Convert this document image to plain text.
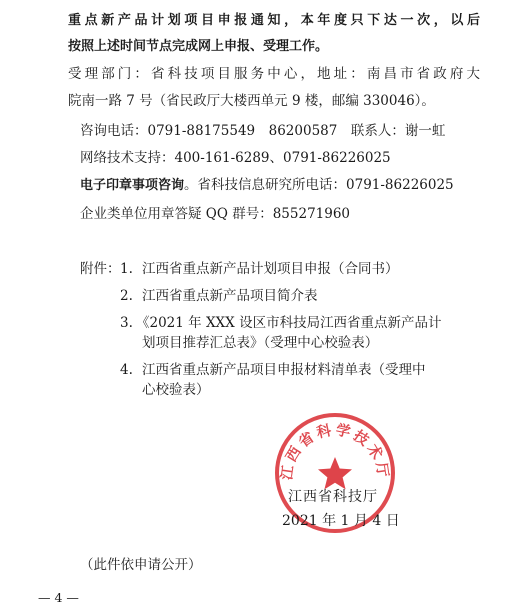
重点新产品计划项目申报通知，本年度只下达一次，以后
按照上述时间节点完成网上申报、受理工作。
受理部门：省科技项目服务中心，地址：南昌市省政府大
院南一路 7 号（省民政厅大楼西单元 9 楼，邮编 330046）。
咨询电话：0791-88175549　86200587　联系人：谢一虹
网络技术支持：400-161-6289、0791-86226025
电子印章事项咨询。省科技信息研究所电话：0791-86226025
企业类单位用章答疑 QQ 群号：855271960
附件： 1. 江西省重点新产品计划项目申报（合同书）
2. 江西省重点新产品项目简介表
3. 《2021 年 XXX 设区市科技局江西省重点新产品计
划项目推荐汇总表》（受理中心校验表）
4. 江西省重点新产品项目申报材料清单表（受理中
心校验表）
江西省科学技术厅
江西省科技厅
2021 年 1 月 4 日
（此件依申请公开）
— 4 —
